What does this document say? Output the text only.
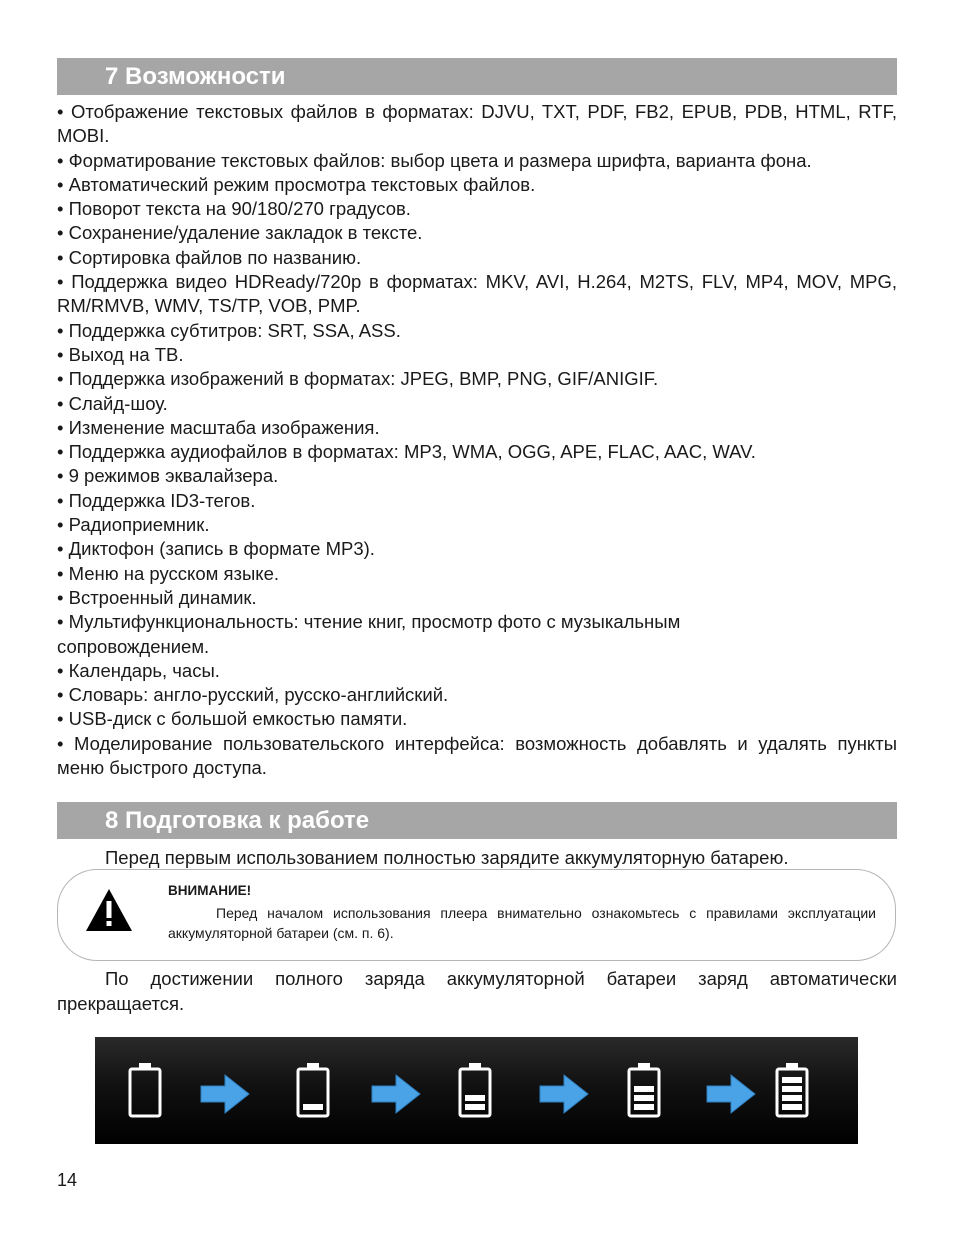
7 Возможности

• Отображение текстовых файлов в форматах: DJVU, TXT, PDF, FB2, EPUB, PDB, HTML, RTF, MOBI.

• Форматирование текстовых файлов: выбор цвета и размера шрифта, варианта фона.

• Автоматический режим просмотра текстовых файлов.

• Поворот текста на 90/180/270 градусов.

• Сохранение/удаление закладок в тексте.

• Сортировка файлов по названию.

• Поддержка видео HDReady/720p в форматах: MKV, AVI, H.264, M2TS, FLV, MP4, MOV, MPG, RM/RMVB, WMV, TS/TP, VOB, PMP.

• Поддержка субтитров: SRT, SSA, ASS.

• Выход на ТВ.

• Поддержка изображений в форматах: JPEG, BMP, PNG, GIF/ANIGIF.

• Слайд-шоу.

• Изменение масштаба изображения.

• Поддержка аудиофайлов в форматах: MP3, WMA, OGG, APE, FLAC, AAC, WAV.

• 9 режимов эквалайзера.

• Поддержка ID3-тегов.

• Радиоприемник.

• Диктофон (запись в формате MP3).

• Меню на русском языке.

• Встроенный динамик.

• Мультифункциональность: чтение книг, просмотр фото с музыкальным сопровождением.

• Календарь, часы.

• Словарь: англо-русский, русско-английский.

• USB-диск с большой емкостью памяти.

• Моделирование пользовательского интерфейса: возможность добавлять и удалять пункты меню быстрого доступа.

8 Подготовка к работе

Перед первым использованием полностью зарядите аккумуляторную батарею.

ВНИМАНИЕ!
Перед началом использования плеера внимательно ознакомьтесь с правилами эксплуатации аккумуляторной батареи (см. п. 6).

По достижении полного заряда аккумуляторной батареи заряд автоматически прекращается.

14
